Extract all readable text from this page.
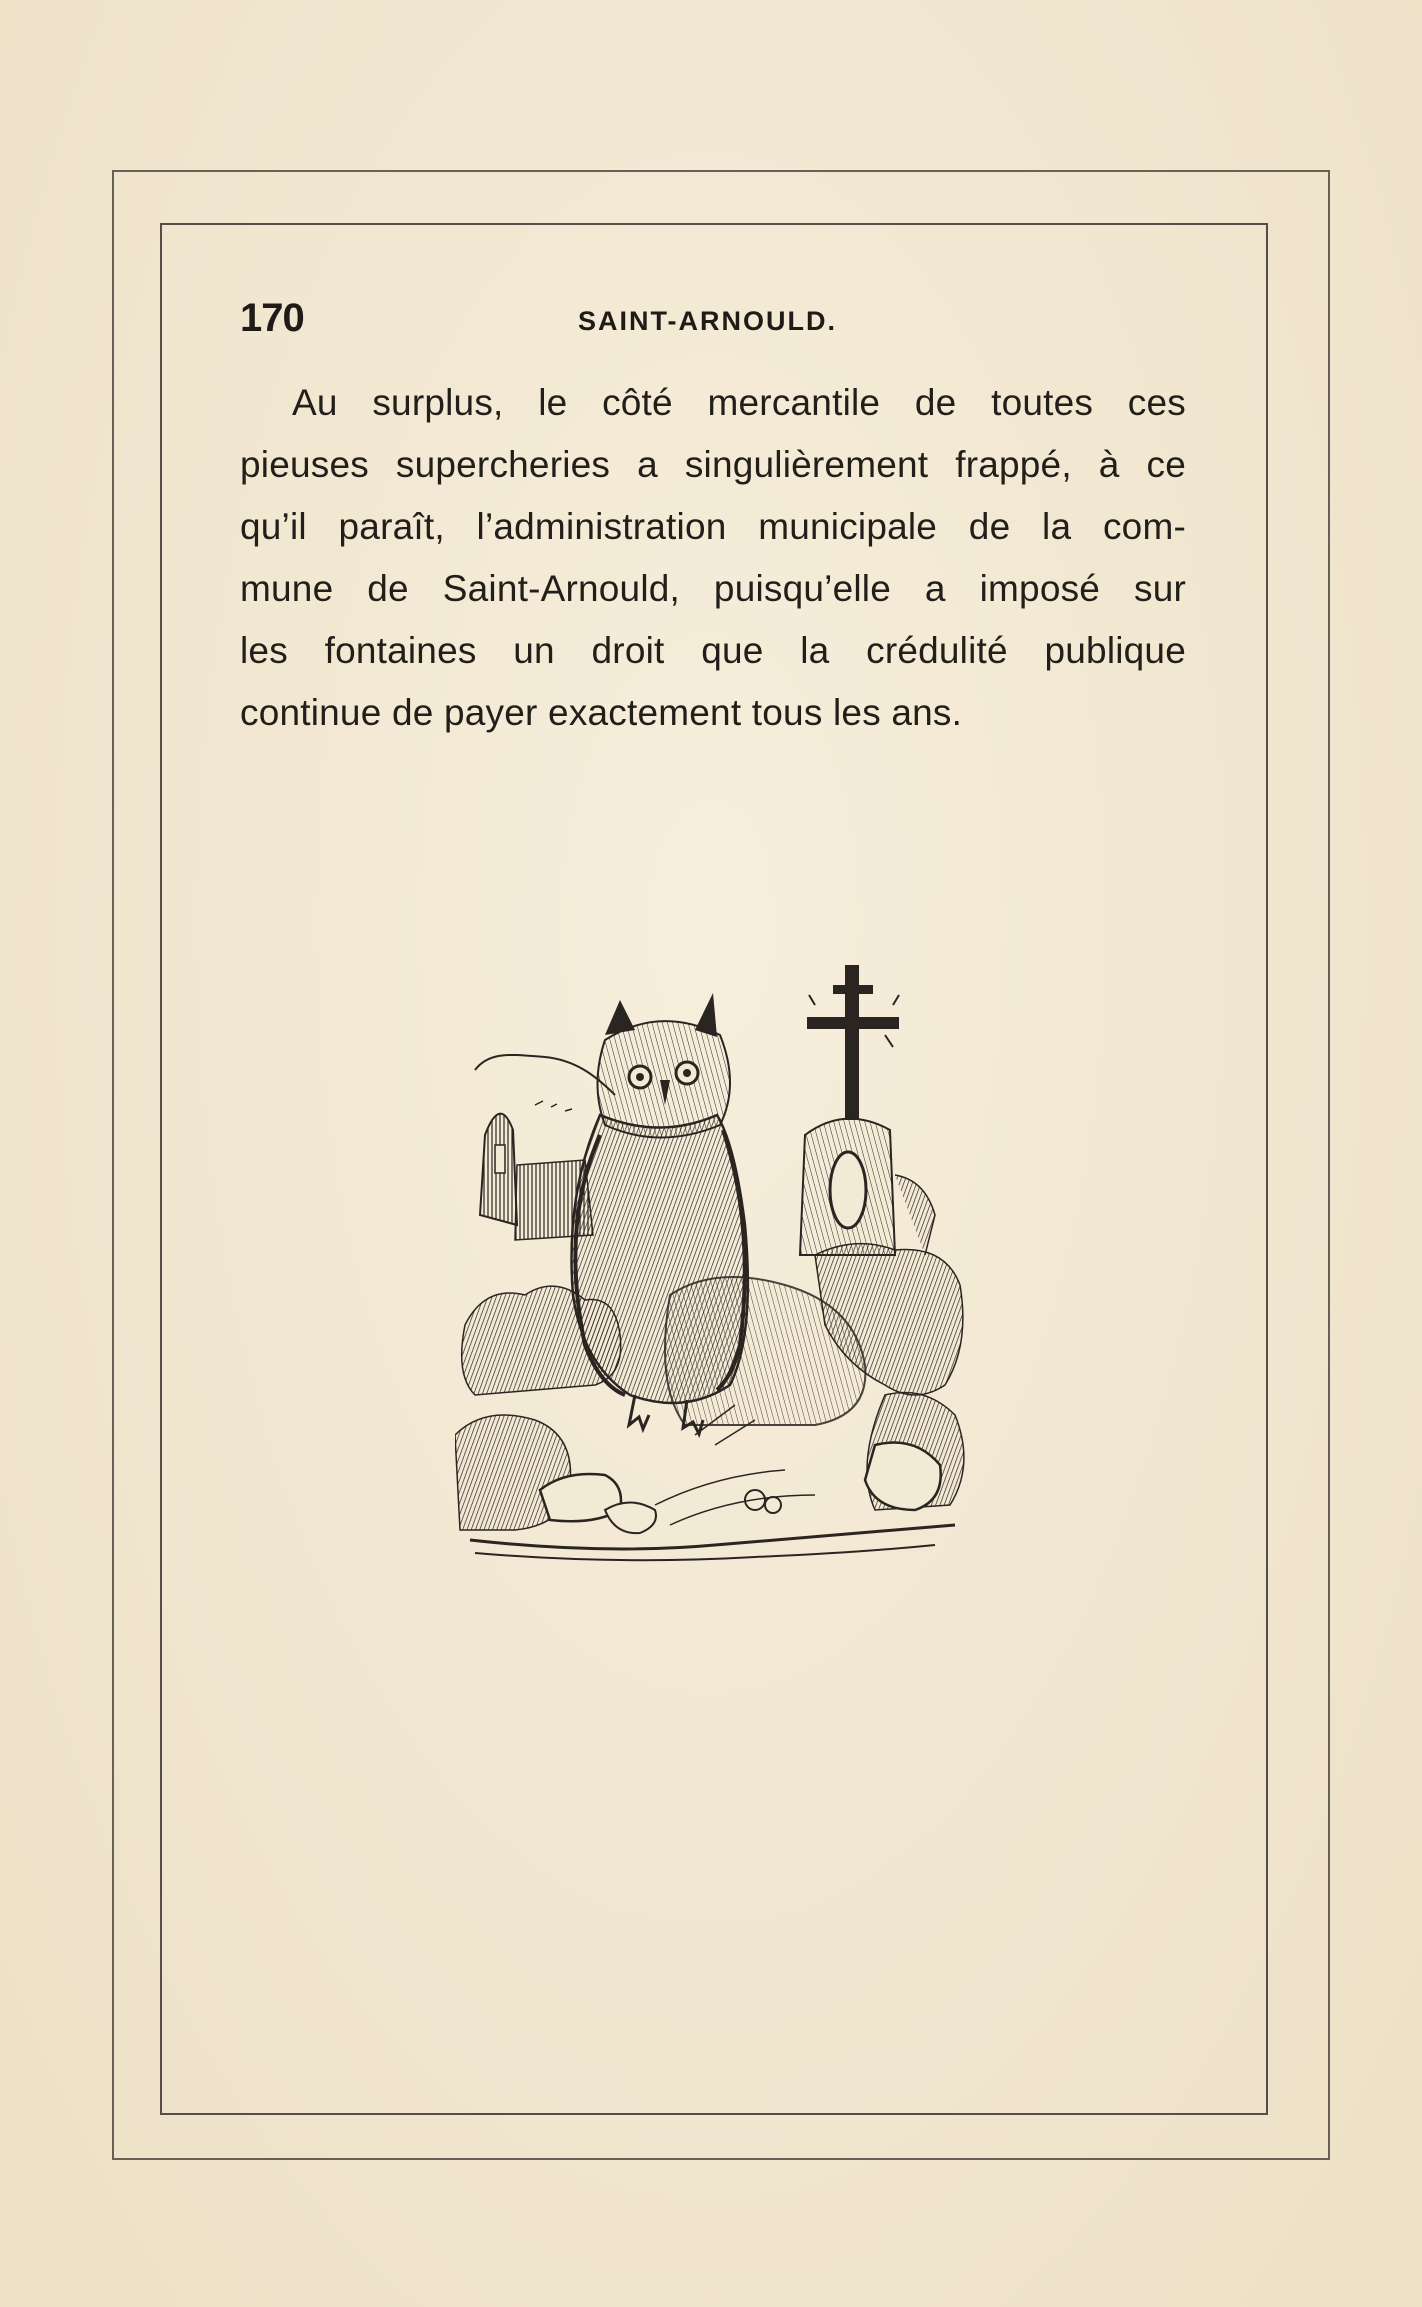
170	SAINT-ARNOULD.
Au surplus, le côté mercantile de toutes ces
pieuses supercheries a singulièrement frappé, à ce
qu’il paraît, l’administration municipale de la com-
mune de Saint-Arnould, puisqu’elle a imposé sur
les fontaines un droit que la crédulité publique
continue de payer exactement tous les ans.
